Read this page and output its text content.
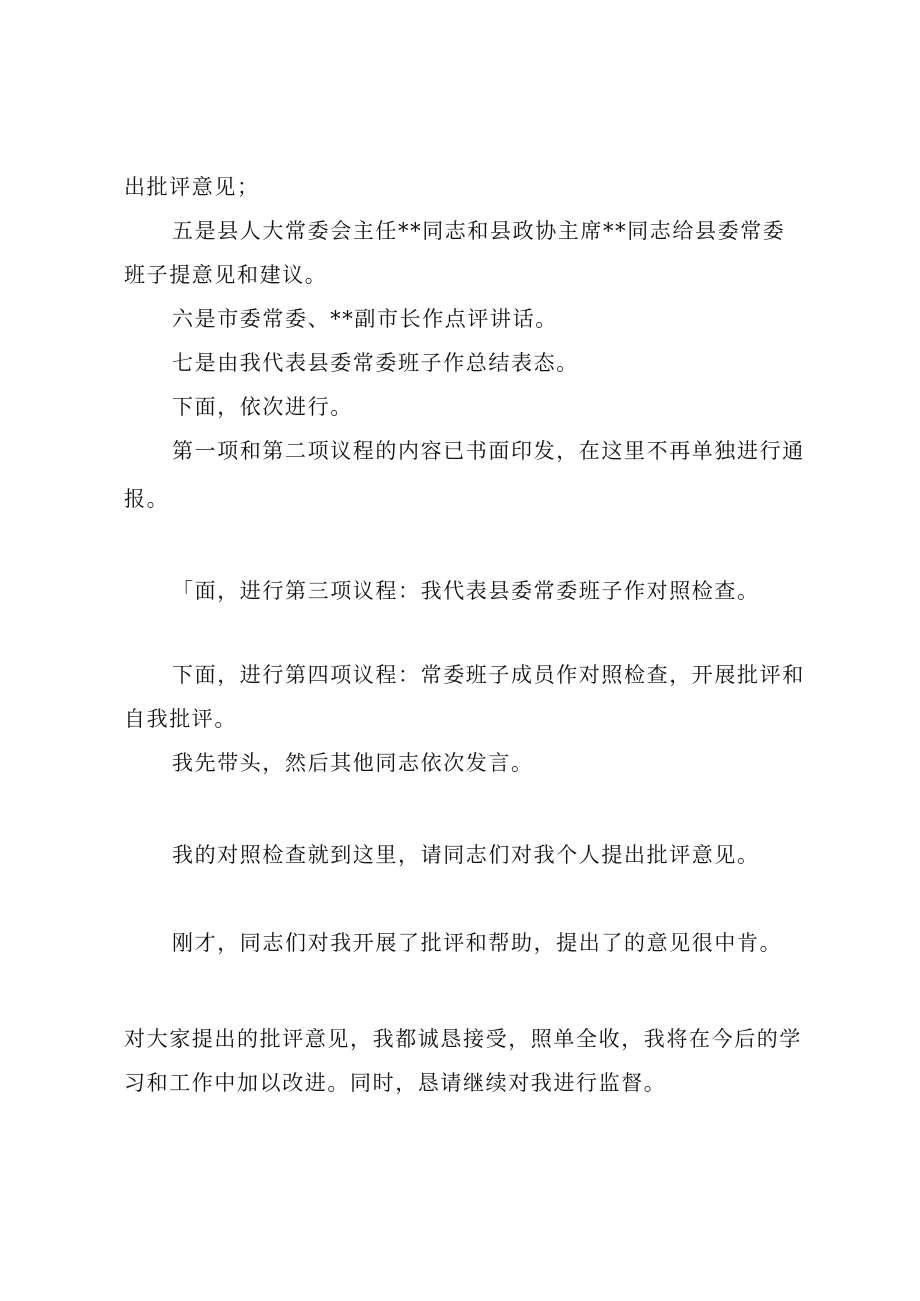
出批评意见；
五是县人大常委会主任**同志和县政协主席**同志给县委常委
班子提意见和建议。
六是市委常委、**副市长作点评讲话。
七是由我代表县委常委班子作总结表态。
下面，依次进行。
第一项和第二项议程的内容已书面印发，在这里不再单独进行通
报。
「面，进行第三项议程：我代表县委常委班子作对照检查。
下面，进行第四项议程：常委班子成员作对照检查，开展批评和
自我批评。
我先带头，然后其他同志依次发言。
我的对照检查就到这里，请同志们对我个人提出批评意见。
刚才，同志们对我开展了批评和帮助，提出了的意见很中肯。
对大家提出的批评意见，我都诚恳接受，照单全收，我将在今后的学
习和工作中加以改进。同时，恳请继续对我进行监督。
